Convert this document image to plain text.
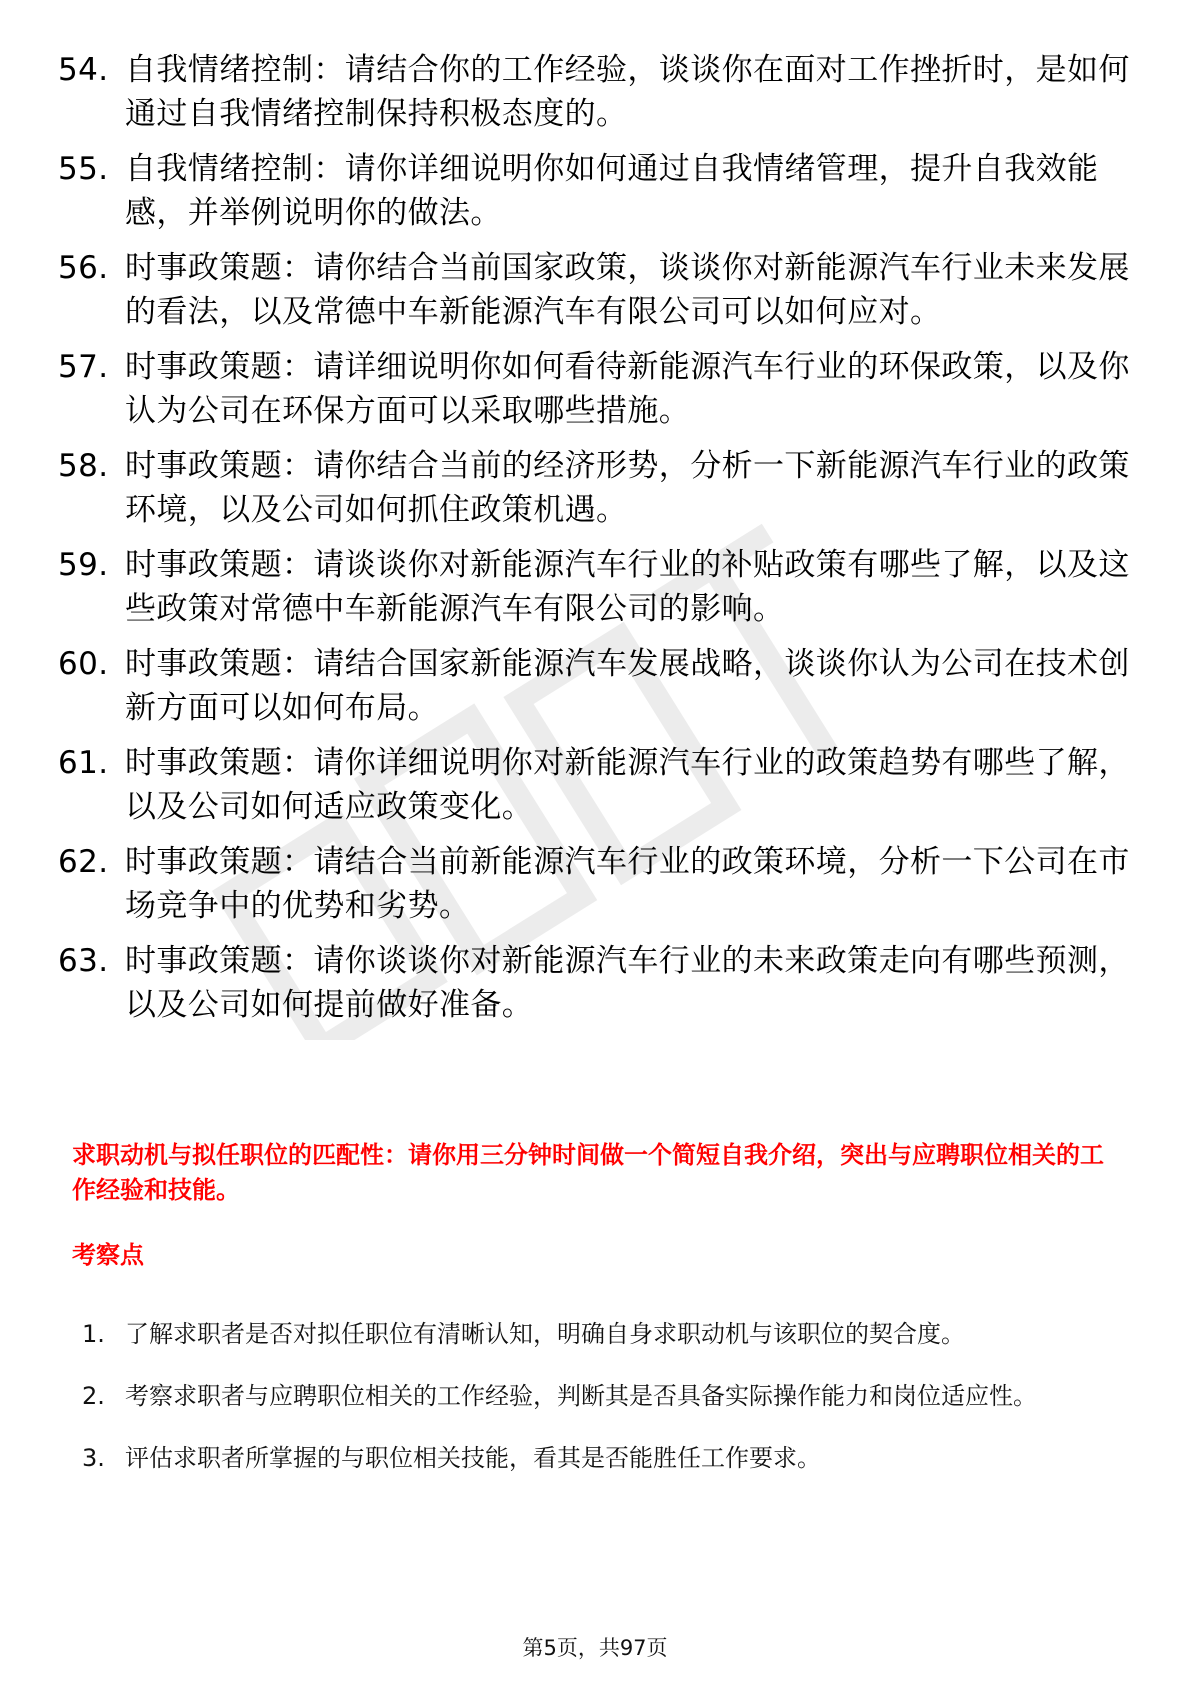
54. 自我情绪控制：请结合你的工作经验，谈谈你在面对工作挫折时，是如何通过自我情绪控制保持积极态度的。
55. 自我情绪控制：请你详细说明你如何通过自我情绪管理，提升自我效能感，并举例说明你的做法。
56. 时事政策题：请你结合当前国家政策，谈谈你对新能源汽车行业未来发展的看法，以及常德中车新能源汽车有限公司可以如何应对。
57. 时事政策题：请详细说明你如何看待新能源汽车行业的环保政策，以及你认为公司在环保方面可以采取哪些措施。
58. 时事政策题：请你结合当前的经济形势，分析一下新能源汽车行业的政策环境，以及公司如何抓住政策机遇。
59. 时事政策题：请谈谈你对新能源汽车行业的补贴政策有哪些了解，以及这些政策对常德中车新能源汽车有限公司的影响。
60. 时事政策题：请结合国家新能源汽车发展战略，谈谈你认为公司在技术创新方面可以如何布局。
61. 时事政策题：请你详细说明你对新能源汽车行业的政策趋势有哪些了解，以及公司如何适应政策变化。
62. 时事政策题：请结合当前新能源汽车行业的政策环境，分析一下公司在市场竞争中的优势和劣势。
63. 时事政策题：请你谈谈你对新能源汽车行业的未来政策走向有哪些预测，以及公司如何提前做好准备。

求职动机与拟任职位的匹配性：请你用三分钟时间做一个简短自我介绍，突出与应聘职位相关的工作经验和技能。

考察点

1. 了解求职者是否对拟任职位有清晰认知，明确自身求职动机与该职位的契合度。
2. 考察求职者与应聘职位相关的工作经验，判断其是否具备实际操作能力和岗位适应性。
3. 评估求职者所掌握的与职位相关技能，看其是否能胜任工作要求。
第5页，共97页
